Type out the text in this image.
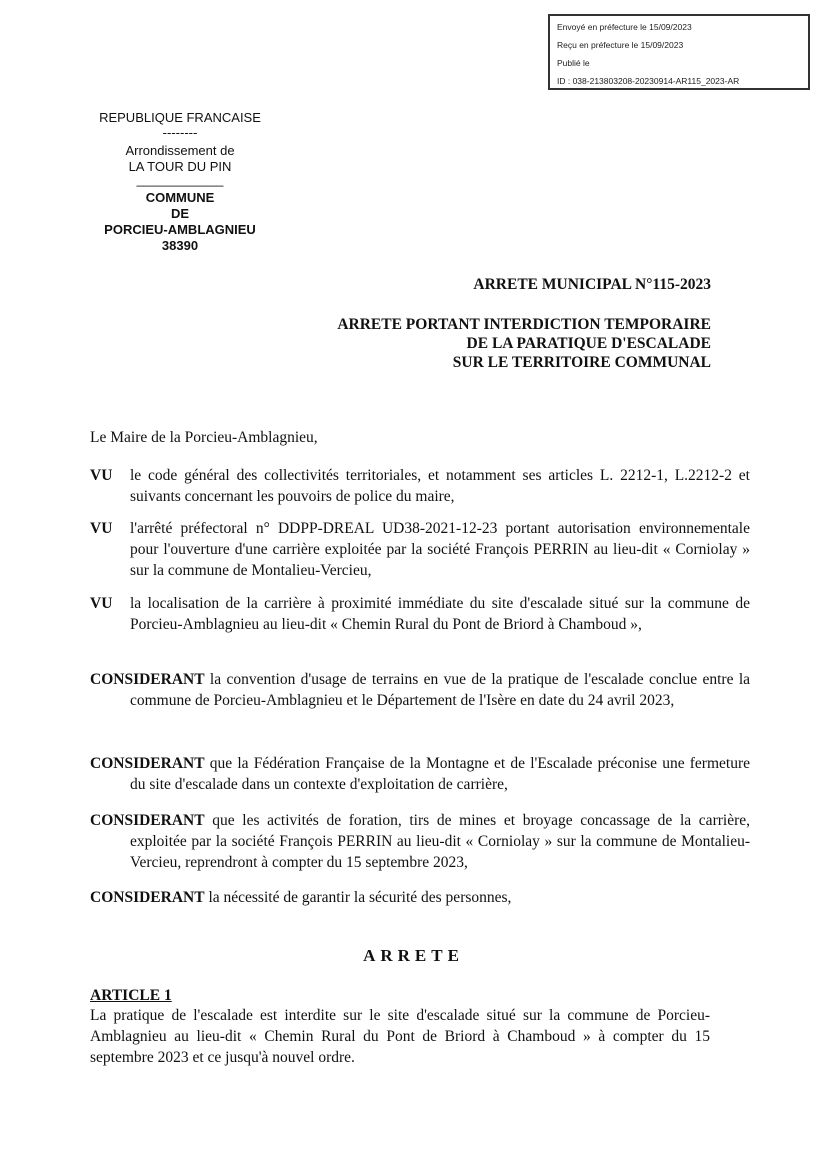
Envoyé en préfecture le 15/09/2023
Reçu en préfecture le 15/09/2023
Publié le
ID : 038-213803208-20230914-AR115_2023-AR
REPUBLIQUE FRANCAISE
--------
Arrondissement de
LA TOUR DU PIN
____________
COMMUNE
DE
PORCIEU-AMBLAGNIEU
38390
ARRETE MUNICIPAL N°115-2023
ARRETE PORTANT INTERDICTION TEMPORAIRE
DE LA PARATIQUE D'ESCALADE
SUR LE TERRITOIRE COMMUNAL
Le Maire de la Porcieu-Amblagnieu,
VU le code général des collectivités territoriales, et notamment ses articles L. 2212-1, L.2212-2 et suivants concernant les pouvoirs de police du maire,
VU l'arrêté préfectoral n° DDPP-DREAL UD38-2021-12-23 portant autorisation environnementale pour l'ouverture d'une carrière exploitée par la société François PERRIN au lieu-dit « Corniolay » sur la commune de Montalieu-Vercieu,
VU la localisation de la carrière à proximité immédiate du site d'escalade situé sur la commune de Porcieu-Amblagnieu au lieu-dit « Chemin Rural du Pont de Briord à Chamboud »,
CONSIDERANT la convention d'usage de terrains en vue de la pratique de l'escalade conclue entre la commune de Porcieu-Amblagnieu et le Département de l'Isère en date du 24 avril 2023,
CONSIDERANT que la Fédération Française de la Montagne et de l'Escalade préconise une fermeture du site d'escalade dans un contexte d'exploitation de carrière,
CONSIDERANT que les activités de foration, tirs de mines et broyage concassage de la carrière, exploitée par la société François PERRIN au lieu-dit « Corniolay » sur la commune de Montalieu-Vercieu, reprendront à compter du 15 septembre 2023,
CONSIDERANT la nécessité de garantir la sécurité des personnes,
ARRETE
ARTICLE 1
La pratique de l'escalade est interdite sur le site d'escalade situé sur la commune de Porcieu-Amblagnieu au lieu-dit « Chemin Rural du Pont de Briord à Chamboud » à compter du 15 septembre 2023 et ce jusqu'à nouvel ordre.
